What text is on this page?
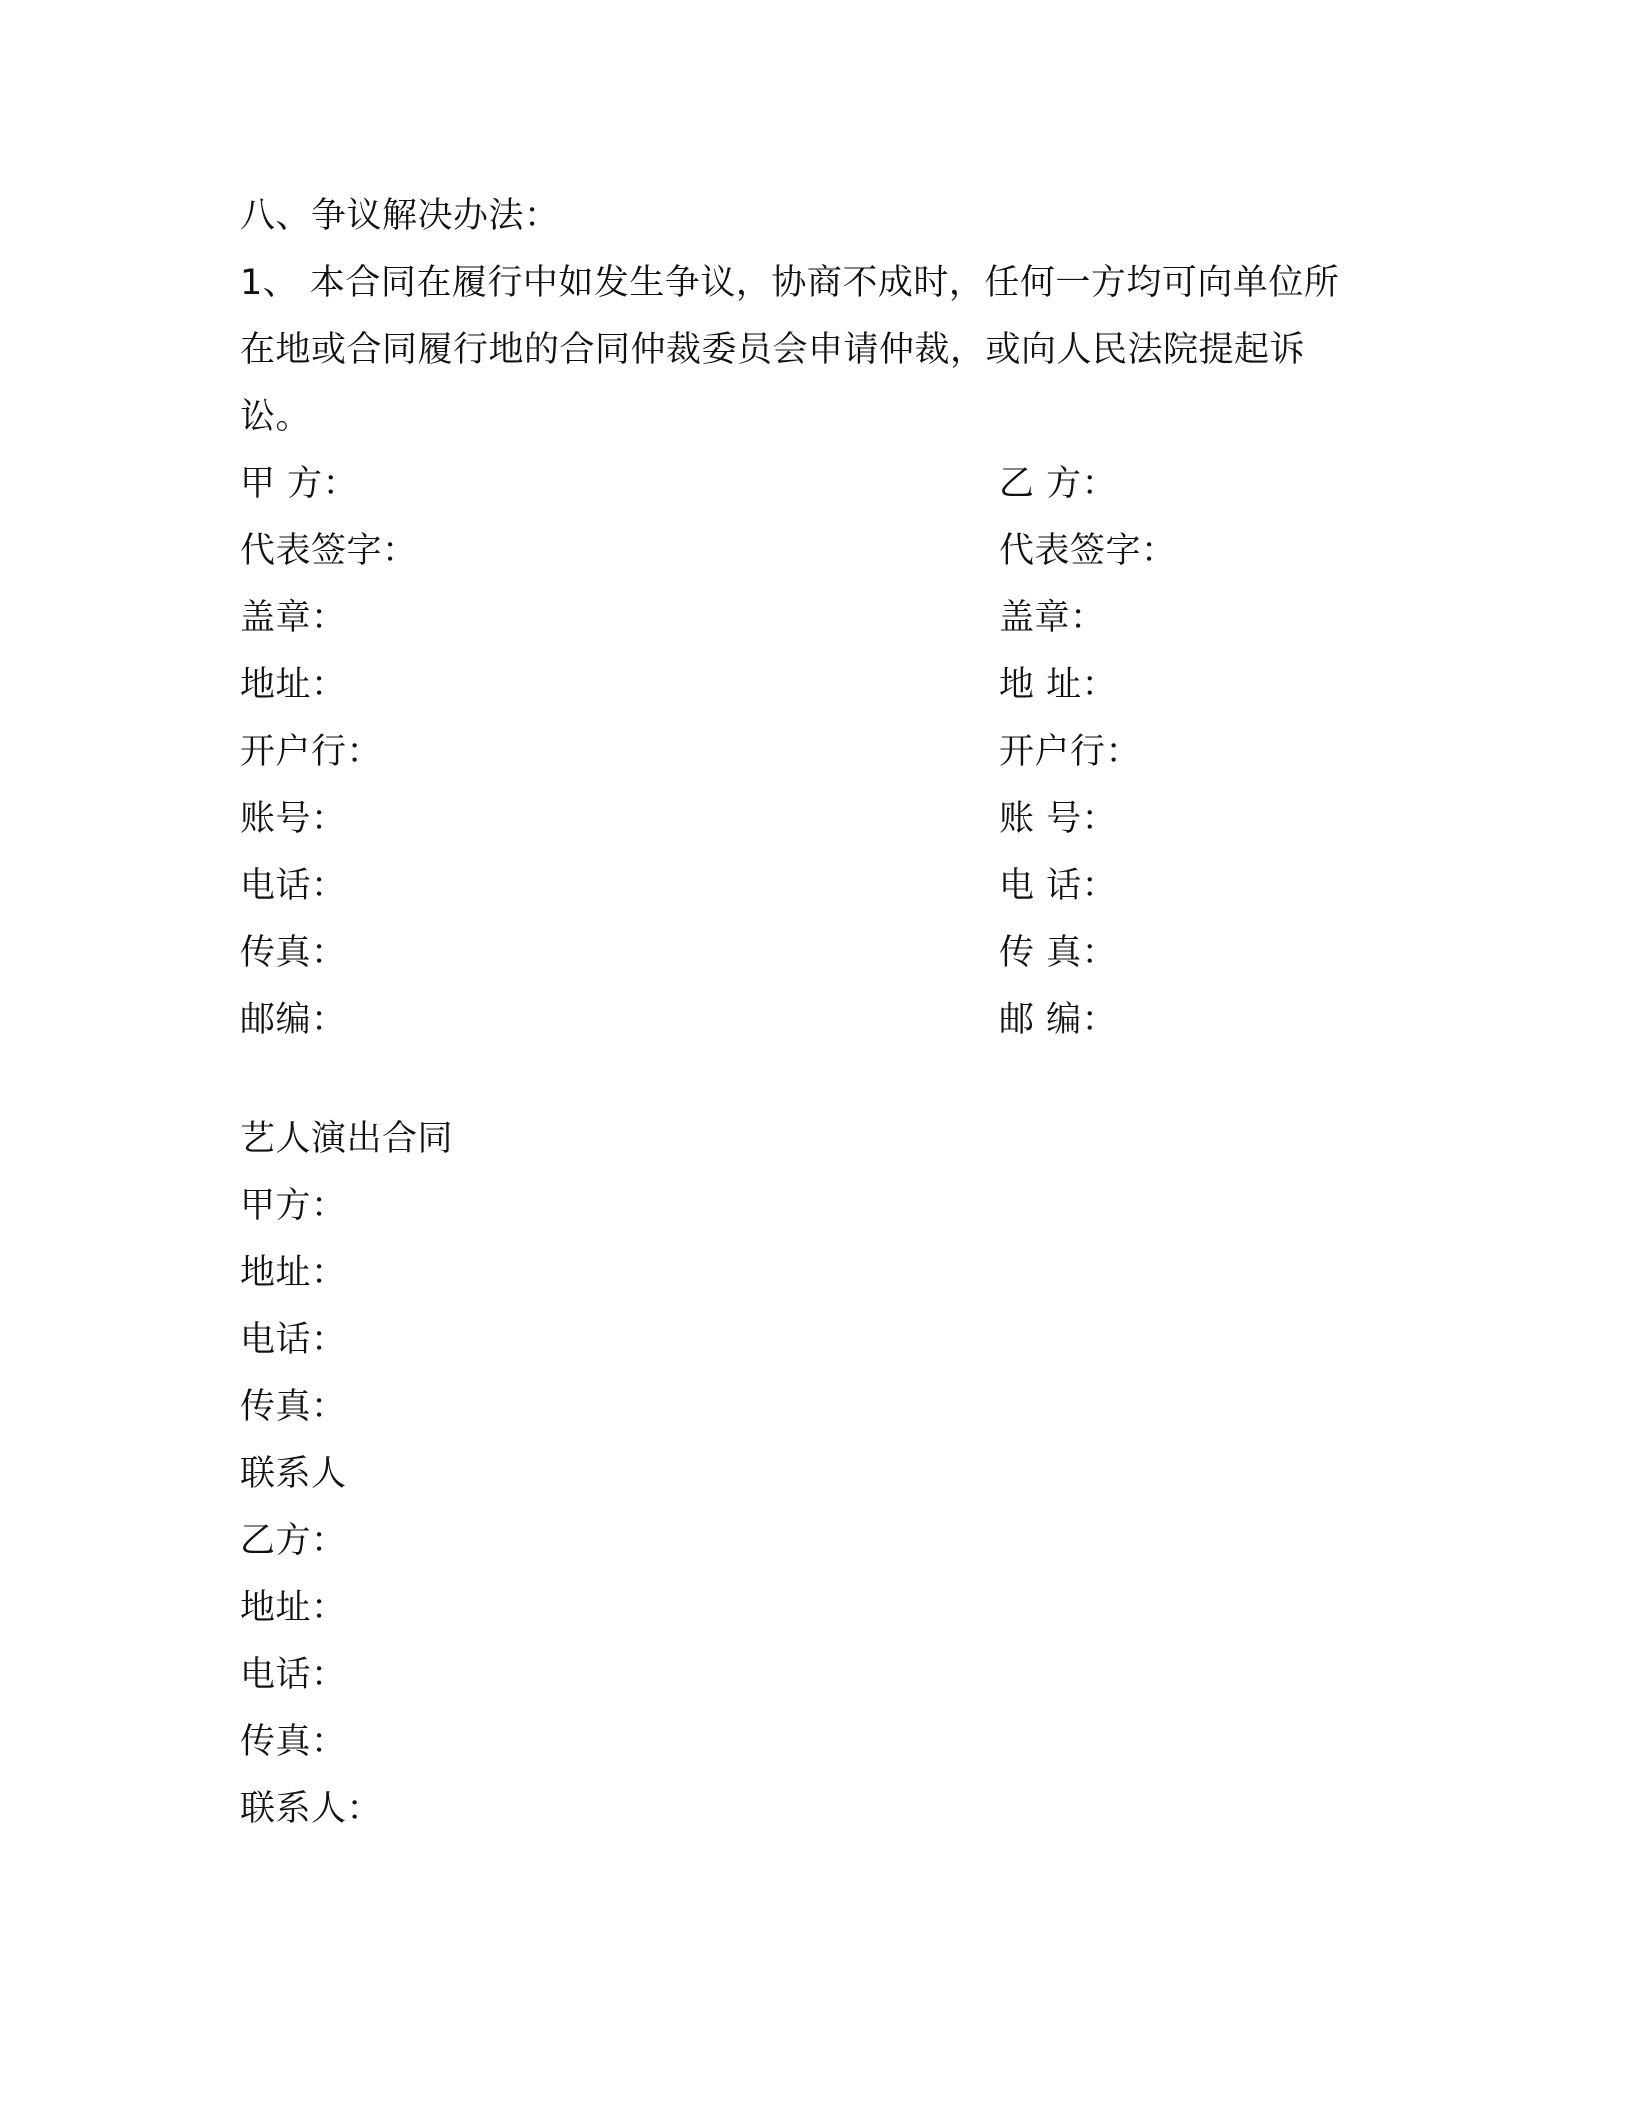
八、争议解决办法：
1、 本合同在履行中如发生争议，协商不成时，任何一方均可向单位所
在地或合同履行地的合同仲裁委员会申请仲裁，或向人民法院提起诉
讼。
甲 方：
代表签字：
盖章：
地址：
开户行：
账号：
电话：
传真：
邮编：
乙 方：
代表签字：
盖章：
地 址：
开户行：
账 号：
电 话：
传 真：
邮 编：
艺人演出合同
甲方：
地址：
电话：
传真：
联系人
乙方：
地址：
电话：
传真：
联系人：
